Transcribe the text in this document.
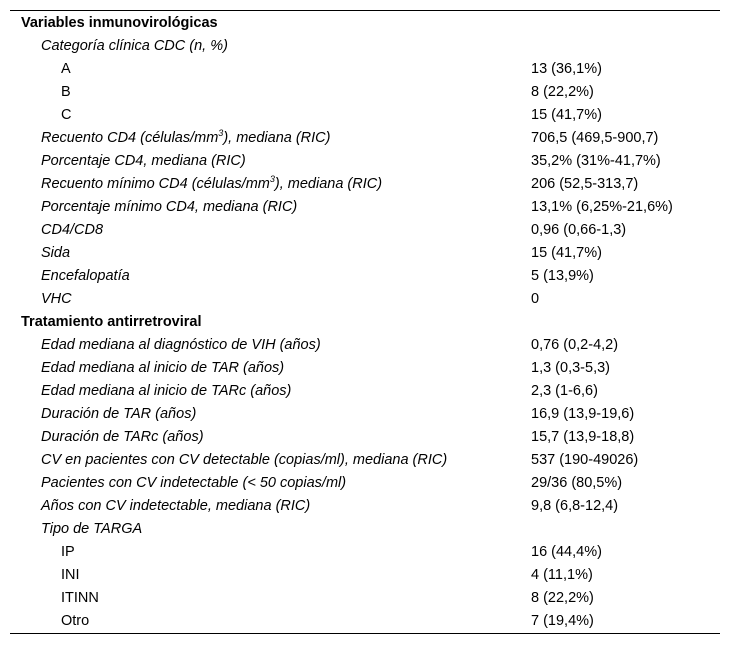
Variables inmunovirológicas
Categoría clínica CDC (n, %)
A	13 (36,1%)
B	8 (22,2%)
C	15 (41,7%)
Recuento CD4 $(células/mm^3)$, mediana (RIC)	706,5 (469,5-900,7)
Porcentaje CD4, mediana (RIC)	35,2% (31%-41,7%)
Recuento mínimo CD4 $(células/mm^3)$, mediana (RIC)	206 (52,5-313,7)
Porcentaje mínimo CD4, mediana (RIC)	13,1% (6,25%-21,6%)
CD4/CD8	0,96 (0,66-1,3)
Sida	15 (41,7%)
Encefalopatía	5 (13,9%)
VHC	0
Tratamiento antirretroviral
Edad mediana al diagnóstico de VIH (años)	0,76 (0,2-4,2)
Edad mediana al inicio de TAR (años)	1,3 (0,3-5,3)
Edad mediana al inicio de TARc (años)	2,3 (1-6,6)
Duración de TAR (años)	16,9 (13,9-19,6)
Duración de TARc (años)	15,7 (13,9-18,8)
CV en pacientes con CV detectable (copias/ml), mediana (RIC)	537 (190-49026)
Pacientes con CV indetectable (< 50 copias/ml)	29/36 (80,5%)
Años con CV indetectable, mediana (RIC)	9,8 (6,8-12,4)
Tipo de TARGA
IP	16 (44,4%)
INI	4 (11,1%)
ITINN	8 (22,2%)
Otro	7 (19,4%)
